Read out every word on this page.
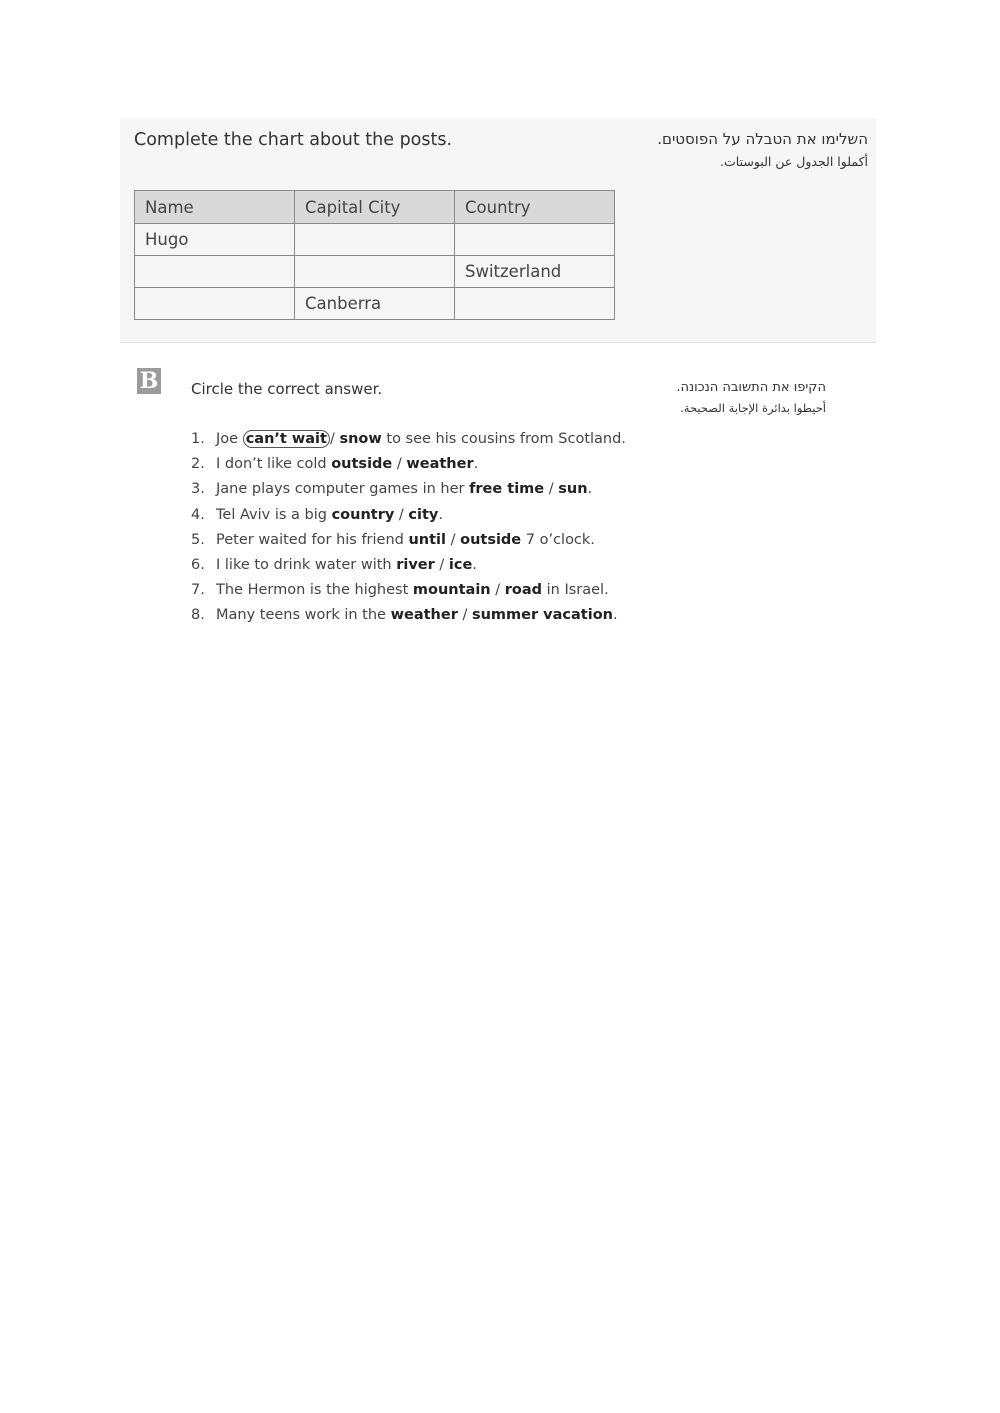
Complete the chart about the posts.	השלימו את הטבלה על הפוסטים.
أكملوا الجدول عن البوستات.
Name	Capital City	Country
Hugo		
		Switzerland
	Canberra	
B Circle the correct answer.	הקיפו את התשובה הנכונה.
أحيطوا بدائرة الإجابة الصحيحة.
1. Joe can’t wait / snow to see his cousins from Scotland.
2. I don’t like cold outside / weather.
3. Jane plays computer games in her free time / sun.
4. Tel Aviv is a big country / city.
5. Peter waited for his friend until / outside 7 o’clock.
6. I like to drink water with river / ice.
7. The Hermon is the highest mountain / road in Israel.
8. Many teens work in the weather / summer vacation.
